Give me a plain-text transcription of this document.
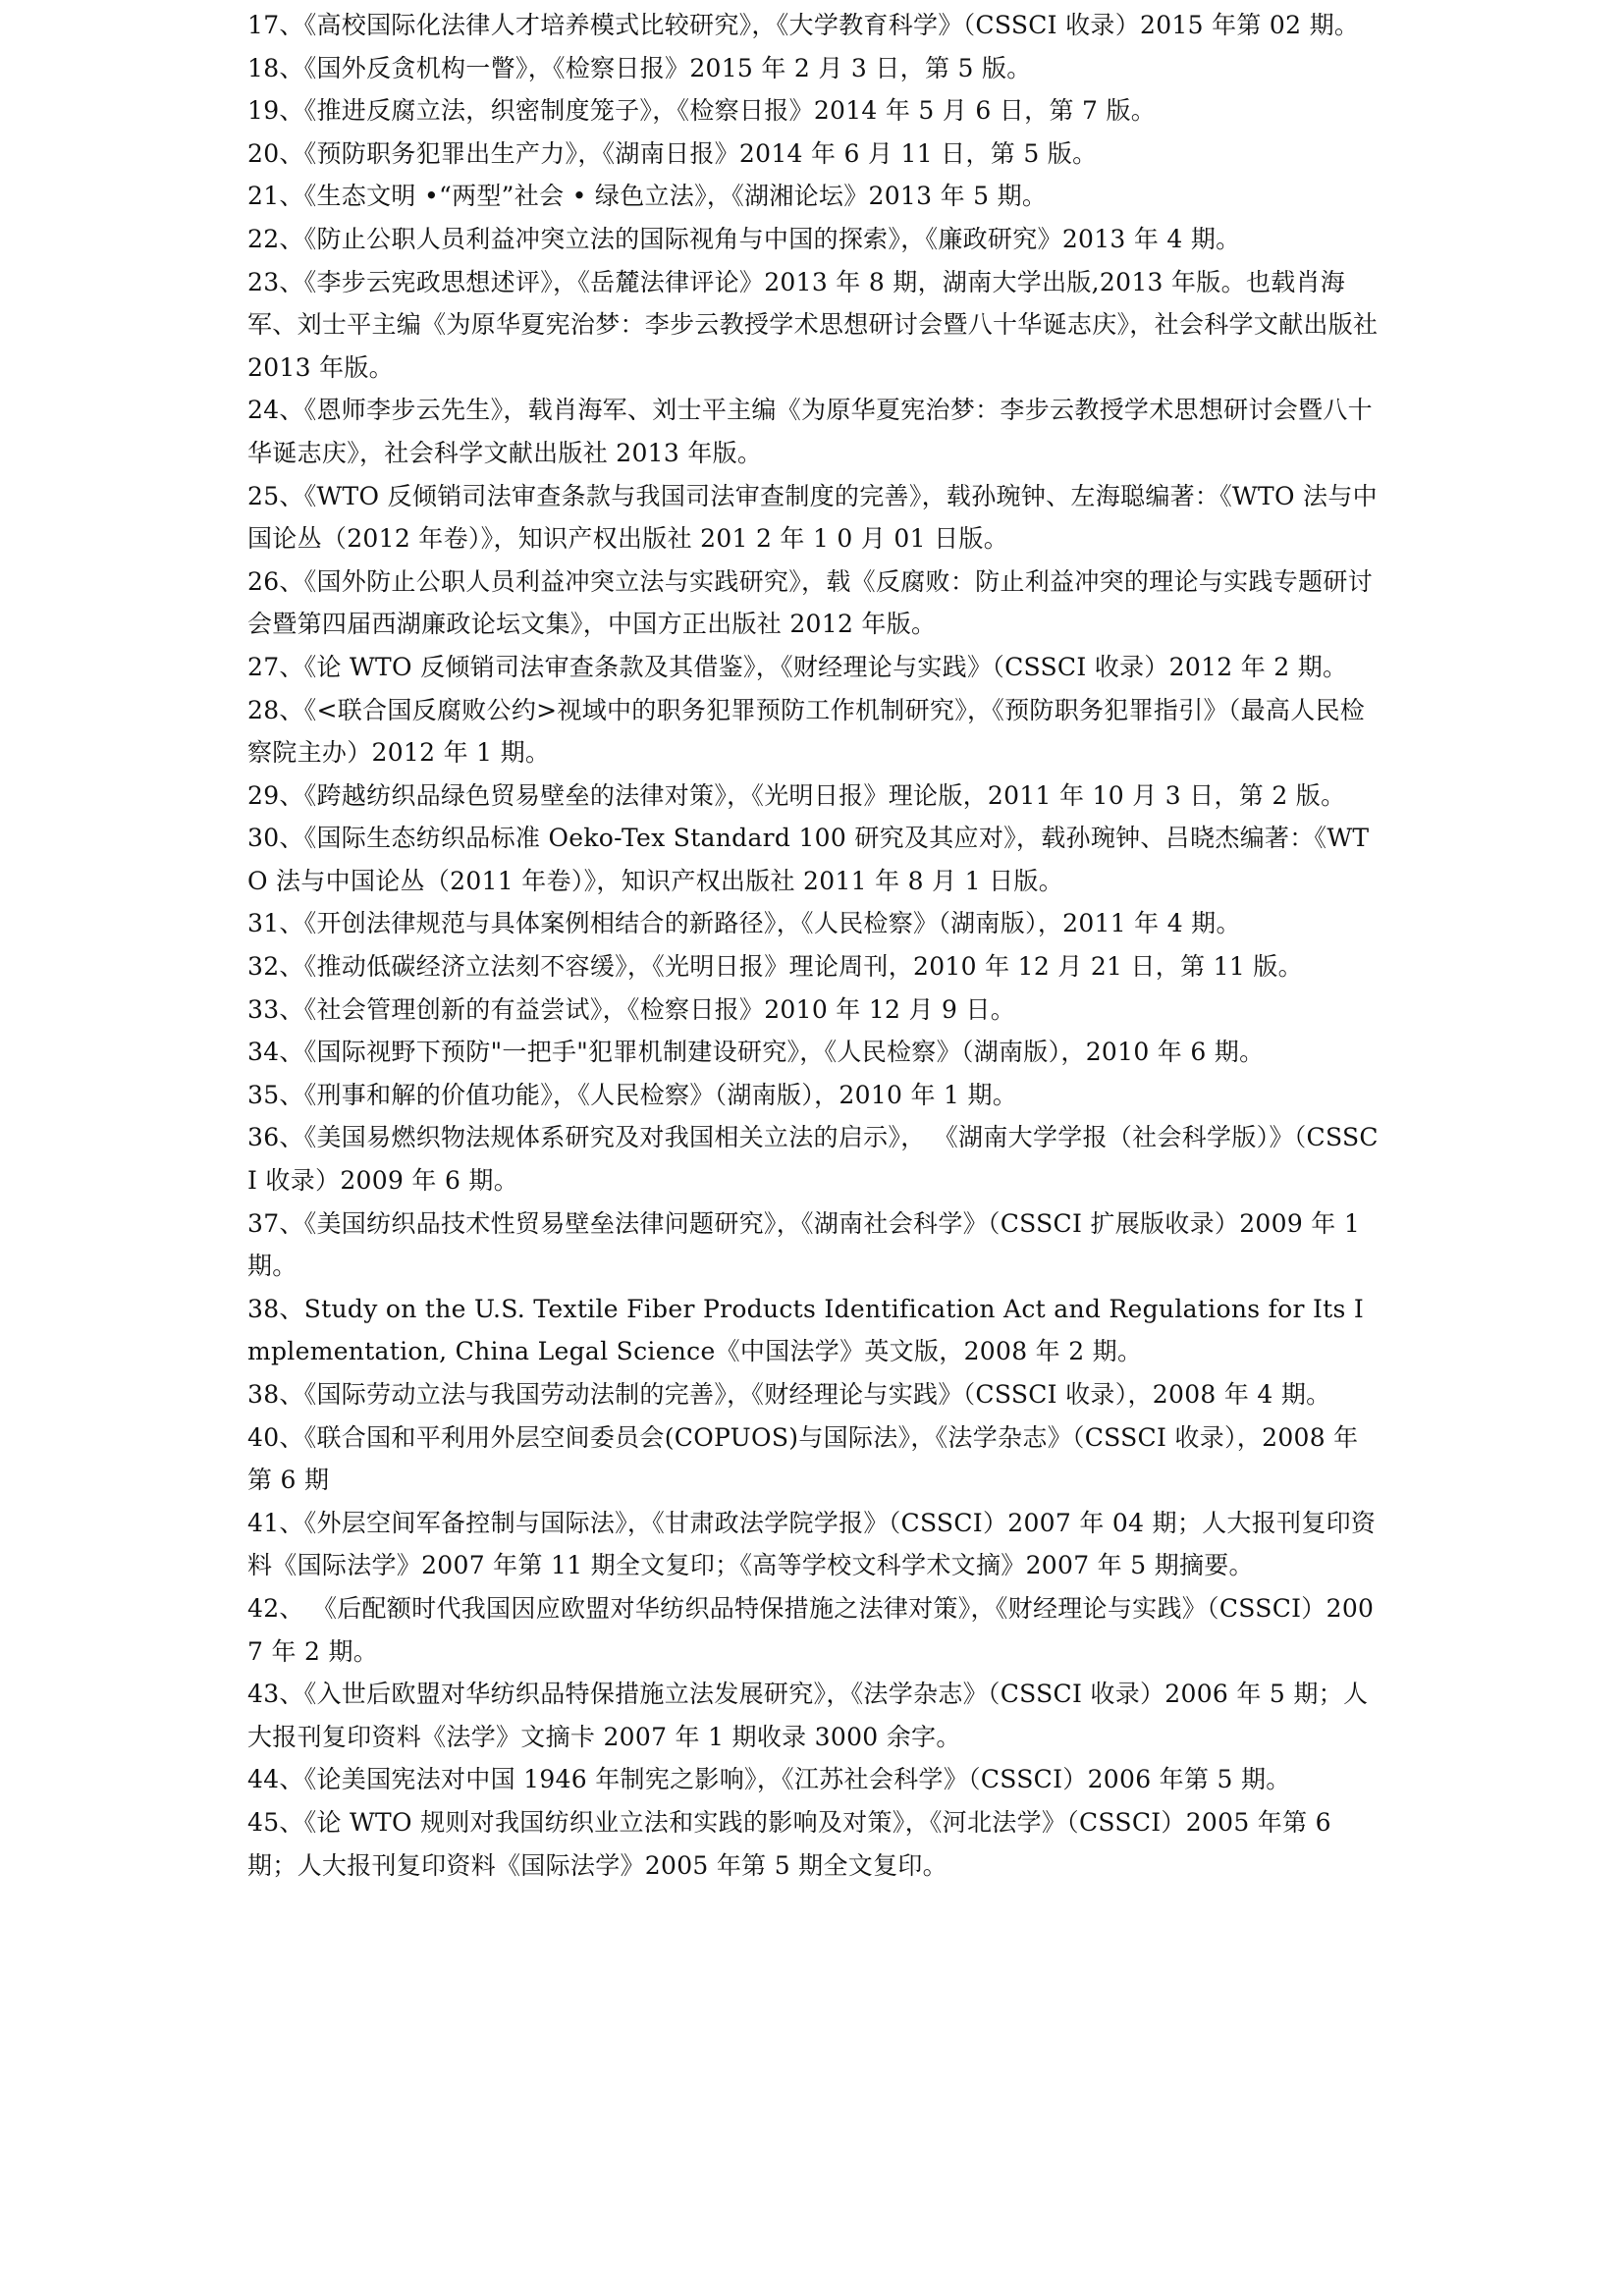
17、《高校国际化法律人才培养模式比较研究》，《大学教育科学》（CSSCI 收录）2015 年第 02 期。
18、《国外反贪机构一瞥》，《检察日报》2015 年 2 月 3 日，第 5 版。
19、《推进反腐立法，织密制度笼子》，《检察日报》2014 年 5 月 6 日，第 7 版。
20、《预防职务犯罪出生产力》，《湖南日报》2014 年 6 月 11 日，第 5 版。
21、《生态文明 •“两型”社会 • 绿色立法》，《湖湘论坛》2013 年 5 期。
22、《防止公职人员利益冲突立法的国际视角与中国的探索》，《廉政研究》2013 年 4 期。
23、《李步云宪政思想述评》，《岳麓法律评论》2013 年 8 期，湖南大学出版,2013 年版。也载肖海军、刘士平主编《为原华夏宪治梦：李步云教授学术思想研讨会暨八十华诞志庆》，社会科学文献出版社 2013 年版。
24、《恩师李步云先生》，载肖海军、刘士平主编《为原华夏宪治梦：李步云教授学术思想研讨会暨八十华诞志庆》，社会科学文献出版社 2013 年版。
25、《WTO 反倾销司法审查条款与我国司法审查制度的完善》，载孙琬钟、左海聪编著：《WTO 法与中国论丛（2012 年卷）》，知识产权出版社 201 2 年 1 0 月 01 日版。
26、《国外防止公职人员利益冲突立法与实践研究》，载《反腐败：防止利益冲突的理论与实践专题研讨会暨第四届西湖廉政论坛文集》，中国方正出版社 2012 年版。
27、《论 WTO 反倾销司法审查条款及其借鉴》，《财经理论与实践》（CSSCI 收录）2012 年 2 期。
28、《<联合国反腐败公约>视域中的职务犯罪预防工作机制研究》，《预防职务犯罪指引》（最高人民检察院主办）2012 年 1 期。
29、《跨越纺织品绿色贸易壁垒的法律对策》，《光明日报》理论版，2011 年 10 月 3 日，第 2 版。
30、《国际生态纺织品标准 Oeko-Tex Standard 100 研究及其应对》，载孙琬钟、吕晓杰编著：《WTO 法与中国论丛（2011 年卷）》，知识产权出版社 2011 年 8 月 1 日版。
31、《开创法律规范与具体案例相结合的新路径》，《人民检察》（湖南版），2011 年 4 期。
32、《推动低碳经济立法刻不容缓》，《光明日报》理论周刊，2010 年 12 月 21 日，第 11 版。
33、《社会管理创新的有益尝试》，《检察日报》2010 年 12 月 9 日。
34、《国际视野下预防"一把手"犯罪机制建设研究》，《人民检察》（湖南版），2010 年 6 期。
35、《刑事和解的价值功能》，《人民检察》（湖南版），2010 年 1 期。
36、《美国易燃织物法规体系研究及对我国相关立法的启示》， 《湖南大学学报（社会科学版）》（CSSCI 收录）2009 年 6 期。
37、《美国纺织品技术性贸易壁垒法律问题研究》，《湖南社会科学》（CSSCI 扩展版收录）2009 年 1 期。
38、Study on the U.S. Textile Fiber Products Identification Act and Regulations for Its Implementation, China Legal Science《中国法学》英文版，2008 年 2 期。
38、《国际劳动立法与我国劳动法制的完善》，《财经理论与实践》（CSSCI 收录），2008 年 4 期。
40、《联合国和平利用外层空间委员会(COPUOS)与国际法》，《法学杂志》（CSSCI 收录），2008 年 第 6 期
41、《外层空间军备控制与国际法》，《甘肃政法学院学报》（CSSCI）2007 年 04 期；人大报刊复印资料《国际法学》2007 年第 11 期全文复印；《高等学校文科学术文摘》2007 年 5 期摘要。
42、 《后配额时代我国因应欧盟对华纺织品特保措施之法律对策》，《财经理论与实践》（CSSCI）2007 年 2 期。
43、《入世后欧盟对华纺织品特保措施立法发展研究》，《法学杂志》（CSSCI 收录）2006 年 5 期；人大报刊复印资料《法学》文摘卡 2007 年 1 期收录 3000 余字。
44、《论美国宪法对中国 1946 年制宪之影响》，《江苏社会科学》（CSSCI）2006 年第 5 期。
45、《论 WTO 规则对我国纺织业立法和实践的影响及对策》，《河北法学》（CSSCI）2005 年第 6 期；人大报刊复印资料《国际法学》2005 年第 5 期全文复印。
